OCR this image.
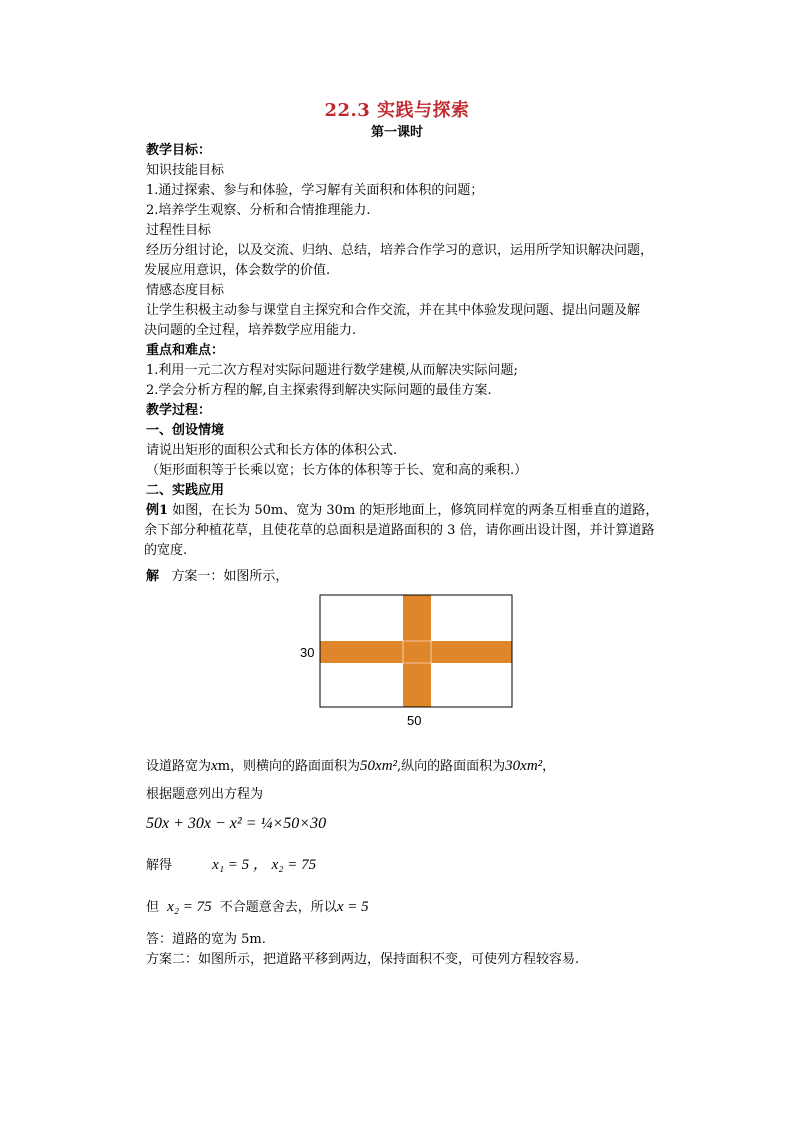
22.3 实践与探索
第一课时

教学目标：

知识技能目标

1.通过探索、参与和体验，学习解有关面积和体积的问题；

2.培养学生观察、分析和合情推理能力.

过程性目标

经历分组讨论，以及交流、归纳、总结，培养合作学习的意识，运用所学知识解决问题，

发展应用意识，体会数学的价值.

情感态度目标

让学生积极主动参与课堂自主探究和合作交流，并在其中体验发现问题、提出问题及解

决问题的全过程，培养数学应用能力.

重点和难点：

1.利用一元二次方程对实际问题进行数学建模,从而解决实际问题;

2.学会分析方程的解,自主探索得到解决实际问题的最佳方案.

教学过程：

一、创设情境

请说出矩形的面积公式和长方体的体积公式.

（矩形面积等于长乘以宽；长方体的体积等于长、宽和高的乘积.）

二、实践应用

例1 如图，在长为 50m、宽为 30m 的矩形地面上，修筑同样宽的两条互相垂直的道路，

余下部分种植花草，且使花草的总面积是道路面积的 3 倍，请你画出设计图，并计算道路

的宽度.

解 方案一：如图所示，

30
50
设道路宽为xm，则横向的路面面积为50xm²,纵向的路面面积为30xm²，
根据题意列出方程为
50x + 30x − x² = ¼×50×30
解得	x₁ = 5 ， x₂ = 75
但 x₂ = 75 不合题意舍去，所以x = 5
答：道路的宽为 5m.
方案二：如图所示，把道路平移到两边，保持面积不变，可使列方程较容易.
